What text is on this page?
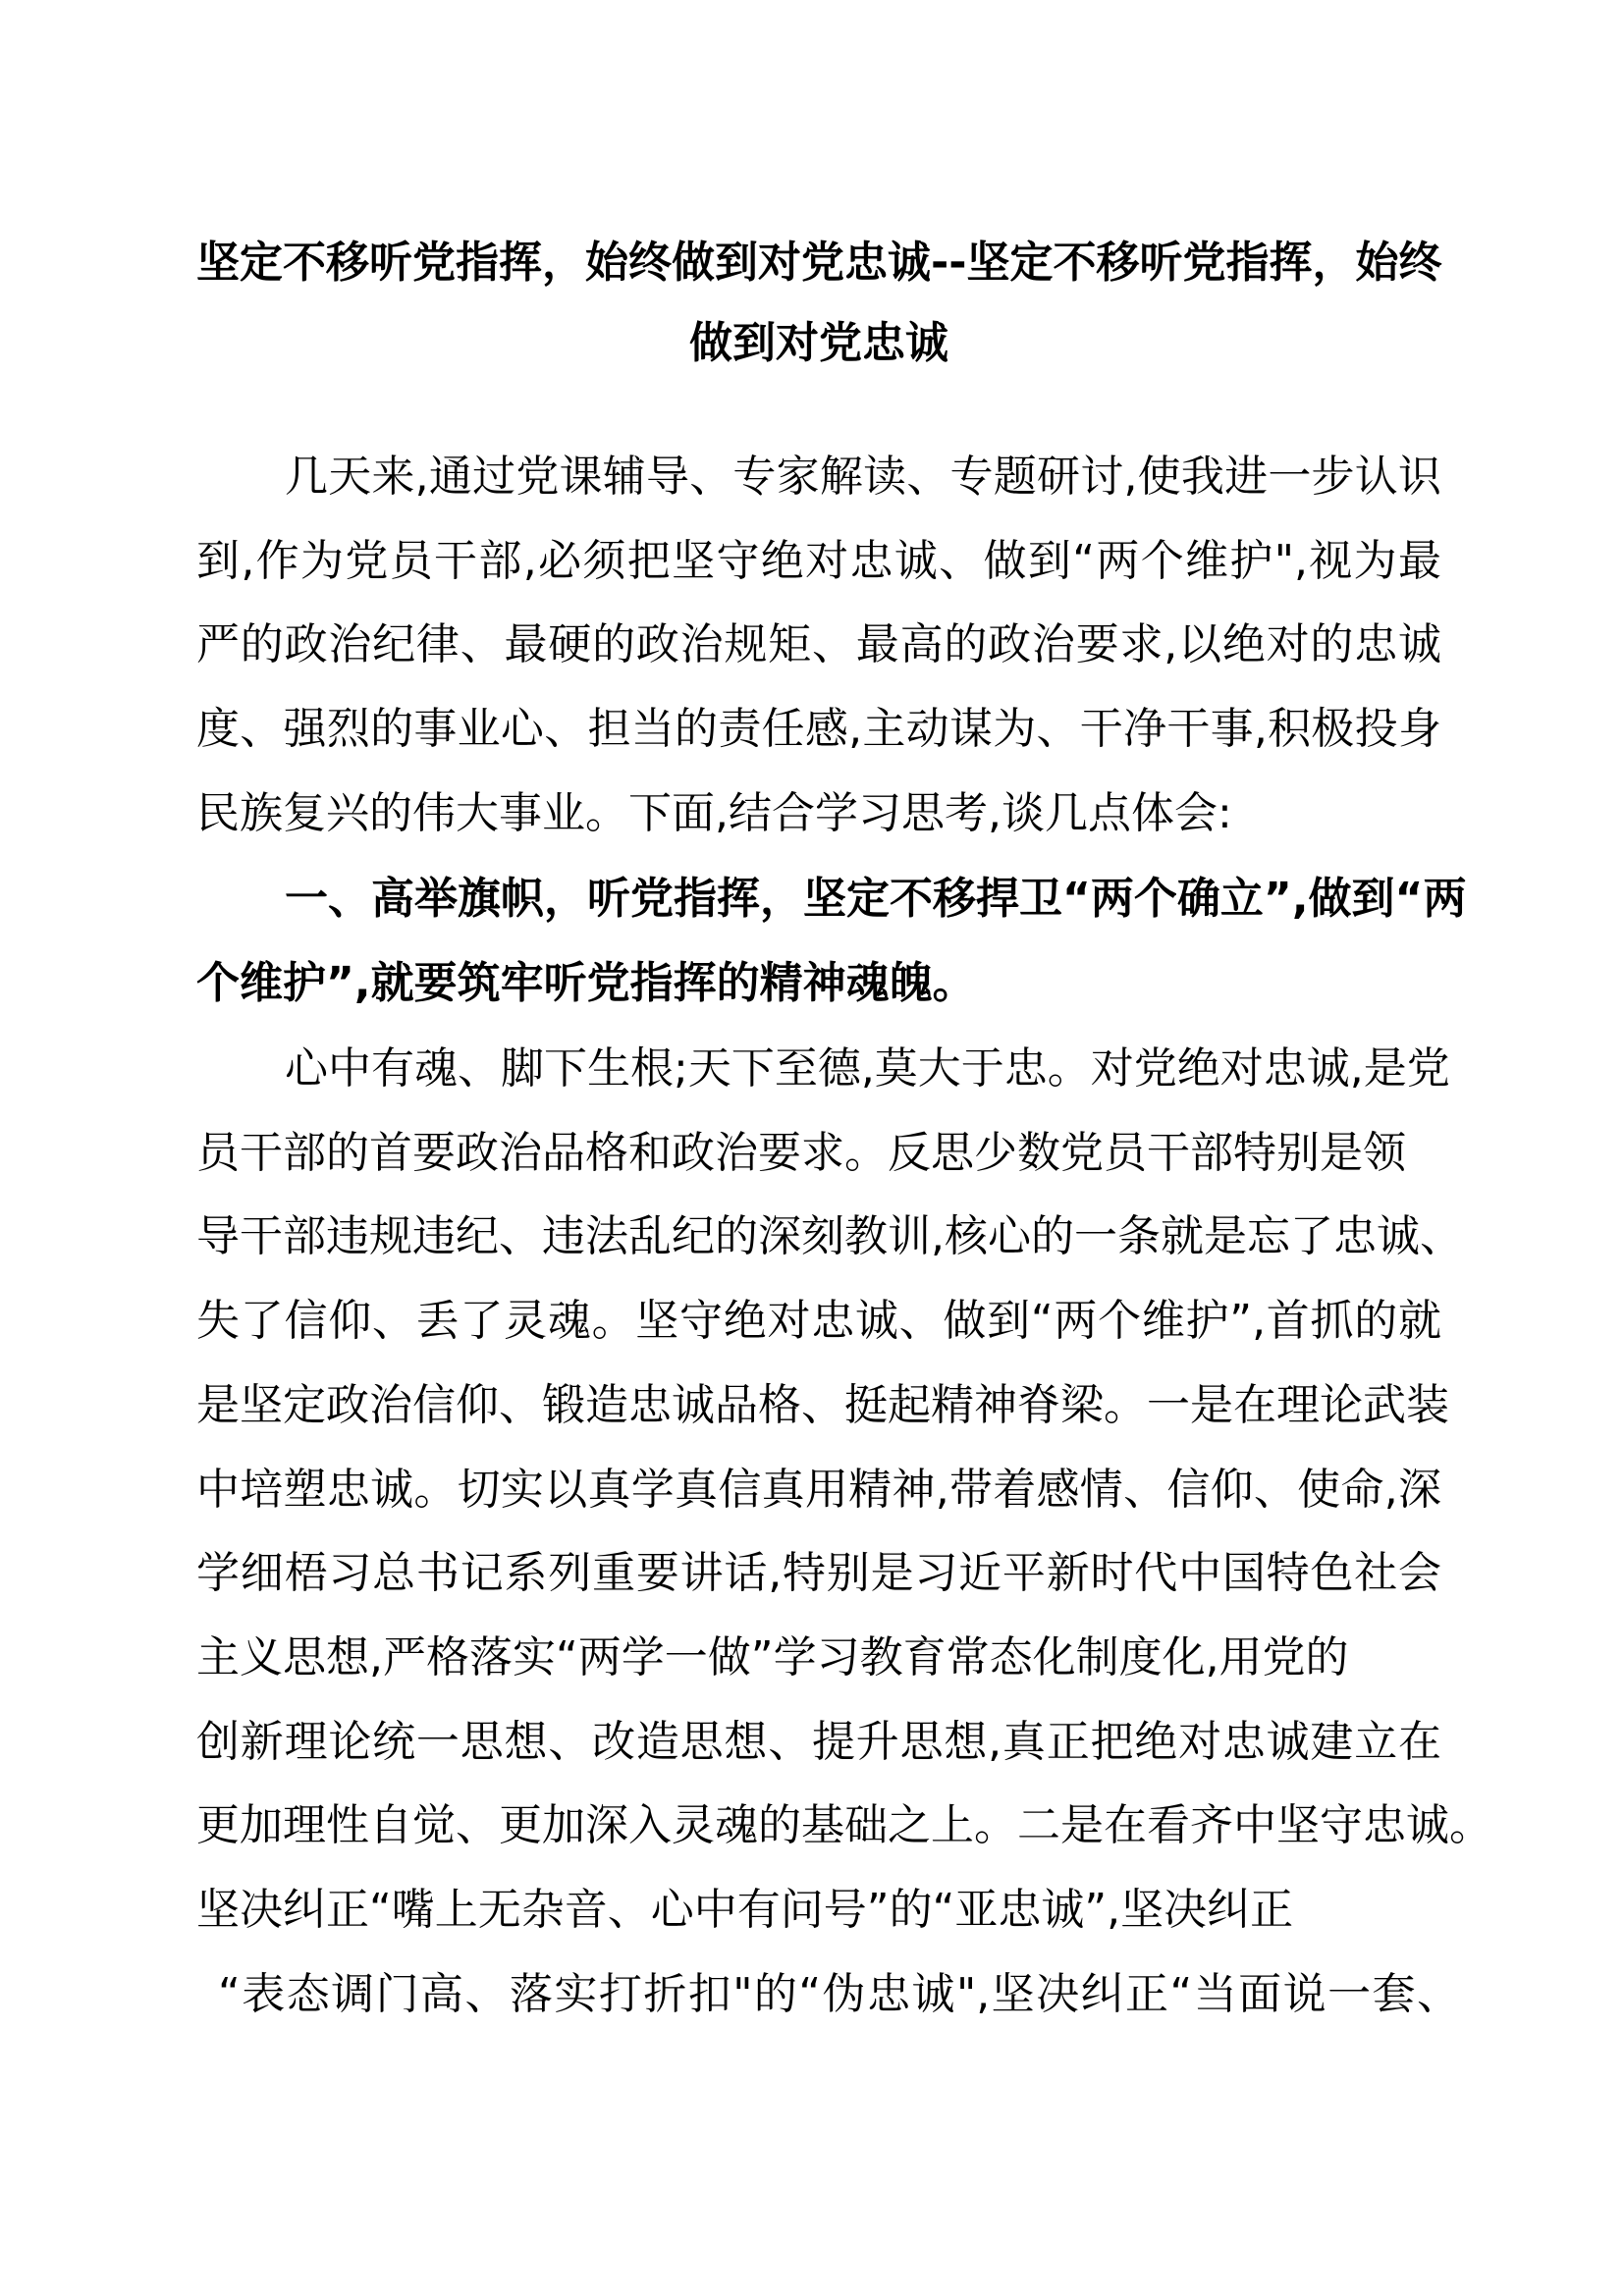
坚定不移听党指挥，始终做到对党忠诚--坚定不移听党指挥，始终
做到对党忠诚
几天来,通过党课辅导、专家解读、专题研讨,使我进一步认识
到,作为党员干部,必须把坚守绝对忠诚、做到“两个维护",视为最
严的政治纪律、最硬的政治规矩、最高的政治要求,以绝对的忠诚
度、强烈的事业心、担当的责任感,主动谋为、干净干事,积极投身
民族复兴的伟大事业。下面,结合学习思考,谈几点体会:
一、高举旗帜，听党指挥，坚定不移捍卫“两个确立”,做到“两
个维护”,就要筑牢听党指挥的精神魂魄。
心中有魂、脚下生根;天下至德,莫大于忠。对党绝对忠诚,是党
员干部的首要政治品格和政治要求。反思少数党员干部特别是领
导干部违规违纪、违法乱纪的深刻教训,核心的一条就是忘了忠诚、
失了信仰、丢了灵魂。坚守绝对忠诚、做到“两个维护”,首抓的就
是坚定政治信仰、锻造忠诚品格、挺起精神脊梁。一是在理论武装
中培塑忠诚。切实以真学真信真用精神,带着感情、信仰、使命,深
学细梧习总书记系列重要讲话,特别是习近平新时代中国特色社会
主义思想,严格落实“两学一做”学习教育常态化制度化,用党的
创新理论统一思想、改造思想、提升思想,真正把绝对忠诚建立在
更加理性自觉、更加深入灵魂的基础之上。二是在看齐中坚守忠诚。
坚决纠正“嘴上无杂音、心中有问号”的“亚忠诚”,坚决纠正
“表态调门高、落实打折扣"的“伪忠诚",坚决纠正“当面说一套、
